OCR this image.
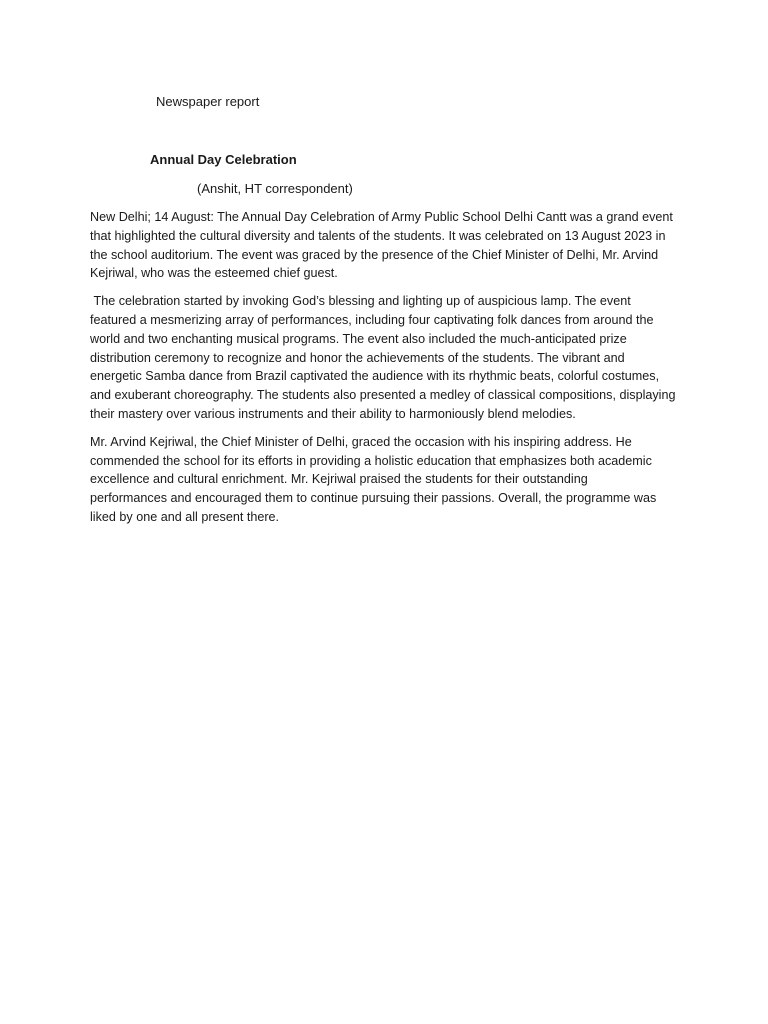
Newspaper report
Annual Day Celebration
(Anshit, HT correspondent)

New Delhi; 14 August: The Annual Day Celebration of Army Public School Delhi Cantt was a grand event
that highlighted the cultural diversity and talents of the students. It was celebrated on 13 August 2023 in
the school auditorium. The event was graced by the presence of the Chief Minister of Delhi, Mr. Arvind
Kejriwal, who was the esteemed chief guest.

The celebration started by invoking God’s blessing and lighting up of auspicious lamp. The event
featured a mesmerizing array of performances, including four captivating folk dances from around the
world and two enchanting musical programs. The event also included the much-anticipated prize
distribution ceremony to recognize and honor the achievements of the students. The vibrant and
energetic Samba dance from Brazil captivated the audience with its rhythmic beats, colorful costumes,
and exuberant choreography. The students also presented a medley of classical compositions, displaying
their mastery over various instruments and their ability to harmoniously blend melodies.

Mr. Arvind Kejriwal, the Chief Minister of Delhi, graced the occasion with his inspiring address. He
commended the school for its efforts in providing a holistic education that emphasizes both academic
excellence and cultural enrichment. Mr. Kejriwal praised the students for their outstanding
performances and encouraged them to continue pursuing their passions. Overall, the programme was
liked by one and all present there.
